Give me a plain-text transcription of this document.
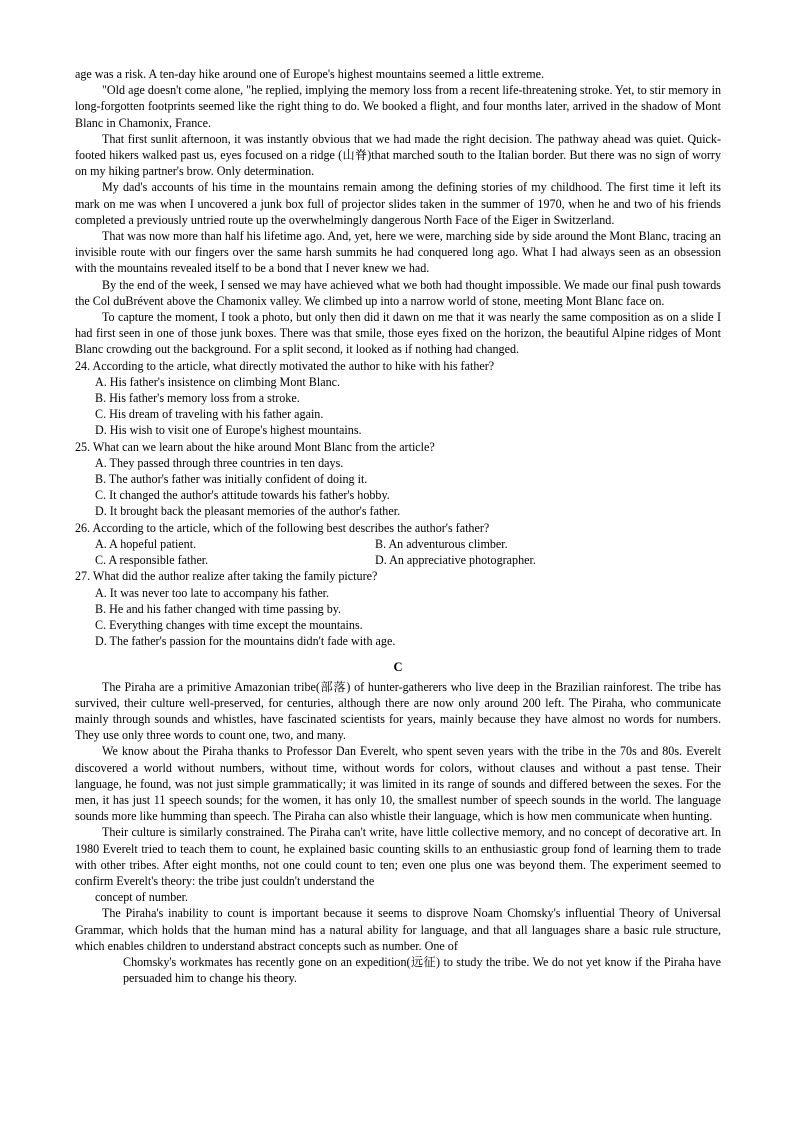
age was a risk. A ten-day hike around one of Europe's highest mountains seemed a little extreme.

"Old age doesn't come alone, "he replied, implying the memory loss from a recent life-threatening stroke. Yet, to stir memory in long-forgotten footprints seemed like the right thing to do. We booked a flight, and four months later, arrived in the shadow of Mont Blanc in Chamonix, France.

That first sunlit afternoon, it was instantly obvious that we had made the right decision. The pathway ahead was quiet. Quick-footed hikers walked past us, eyes focused on a ridge (山脊)that marched south to the Italian border. But there was no sign of worry on my hiking partner's brow. Only determination.

My dad's accounts of his time in the mountains remain among the defining stories of my childhood. The first time it left its mark on me was when I uncovered a junk box full of projector slides taken in the summer of 1970, when he and two of his friends completed a previously untried route up the overwhelmingly dangerous North Face of the Eiger in Switzerland.

That was now more than half his lifetime ago. And, yet, here we were, marching side by side around the Mont Blanc, tracing an invisible route with our fingers over the same harsh summits he had conquered long ago. What I had always seen as an obsession with the mountains revealed itself to be a bond that I never knew we had.

By the end of the week, I sensed we may have achieved what we both had thought impossible. We made our final push towards the Col duBrévent above the Chamonix valley. We climbed up into a narrow world of stone, meeting Mont Blanc face on.

To capture the moment, I took a photo, but only then did it dawn on me that it was nearly the same composition as on a slide I had first seen in one of those junk boxes. There was that smile, those eyes fixed on the horizon, the beautiful Alpine ridges of Mont Blanc crowding out the background. For a split second, it looked as if nothing had changed.

24. According to the article, what directly motivated the author to hike with his father?

A. His father's insistence on climbing Mont Blanc.

B. His father's memory loss from a stroke.

C. His dream of traveling with his father again.

D. His wish to visit one of Europe's highest mountains.

25. What can we learn about the hike around Mont Blanc from the article?

A. They passed through three countries in ten days.

B. The author's father was initially confident of doing it.

C. It changed the author's attitude towards his father's hobby.

D. It brought back the pleasant memories of the author's father.

26. According to the article, which of the following best describes the author's father?

A. A hopeful patient.	B. An adventurous climber.
C. A responsible father.	D. An appreciative photographer.

27. What did the author realize after taking the family picture?

A. It was never too late to accompany his father.

B. He and his father changed with time passing by.

C. Everything changes with time except the mountains.

D. The father's passion for the mountains didn't fade with age.

C

The Piraha are a primitive Amazonian tribe(部落) of hunter-gatherers who live deep in the Brazilian rainforest. The tribe has survived, their culture well-preserved, for centuries, although there are now only around 200 left. The Piraha, who communicate mainly through sounds and whistles, have fascinated scientists for years, mainly because they have almost no words for numbers. They use only three words to count one, two, and many.

We know about the Piraha thanks to Professor Dan Everelt, who spent seven years with the tribe in the 70s and 80s. Everelt discovered a world without numbers, without time, without words for colors, without clauses and without a past tense. Their language, he found, was not just simple grammatically; it was limited in its range of sounds and differed between the sexes. For the men, it has just 11 speech sounds; for the women, it has only 10, the smallest number of speech sounds in the world. The language sounds more like humming than speech. The Piraha can also whistle their language, which is how men communicate when hunting.

Their culture is similarly constrained. The Piraha can't write, have little collective memory, and no concept of decorative art. In 1980 Everelt tried to teach them to count, he explained basic counting skills to an enthusiastic group fond of learning them to trade with other tribes. After eight months, not one could count to ten; even one plus one was beyond them. The experiment seemed to confirm Everelt's theory: the tribe just couldn't understand the

concept of number.

The Piraha's inability to count is important because it seems to disprove Noam Chomsky's influential Theory of Universal Grammar, which holds that the human mind has a natural ability for language, and that all languages share a basic rule structure, which enables children to understand abstract concepts such as number. One of

Chomsky's workmates has recently gone on an expedition(远征) to study the tribe. We do not yet know if the Piraha have persuaded him to change his theory.
